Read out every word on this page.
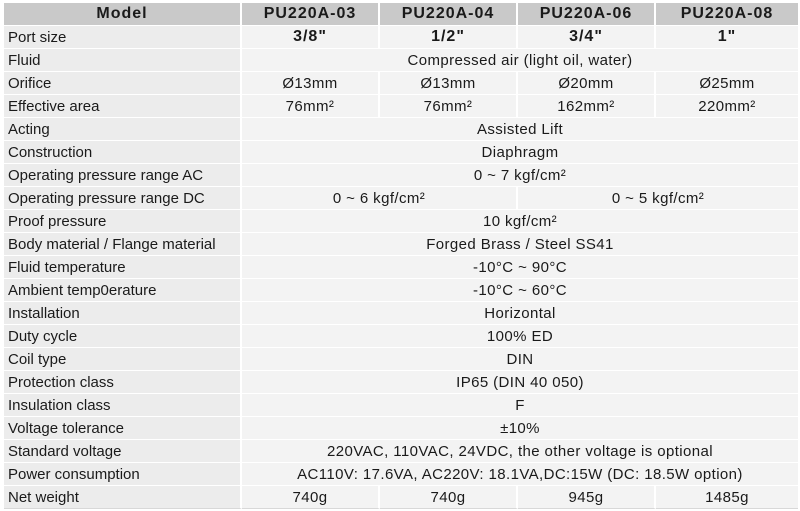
Model	PU220A-03	PU220A-04	PU220A-06	PU220A-08
Port size	3/8"	1/2"	3/4"	1"
Fluid	Compressed air (light oil, water)			
Orifice	Ø13mm	Ø13mm	Ø20mm	Ø25mm
Effective area	76mm²	76mm²	162mm²	220mm²
Acting	Assisted Lift			
Construction	Diaphragm			
Operating pressure range AC	0 ~ 7 kgf/cm²			
Operating pressure range DC	0 ~ 6 kgf/cm²		0 ~ 5 kgf/cm²	
Proof pressure	10 kgf/cm²			
Body material / Flange material	Forged Brass / Steel SS41			
Fluid temperature	-10°C ~ 90°C			
Ambient temp0erature	-10°C ~ 60°C			
Installation	Horizontal			
Duty cycle	100% ED			
Coil type	DIN			
Protection class	IP65 (DIN 40 050)			
Insulation class	F			
Voltage tolerance	±10%			
Standard voltage	220VAC, 110VAC, 24VDC, the other voltage is optional			
Power consumption	AC110V: 17.6VA, AC220V: 18.1VA,DC:15W (DC: 18.5W option)			
Net weight	740g	740g	945g	1485g
